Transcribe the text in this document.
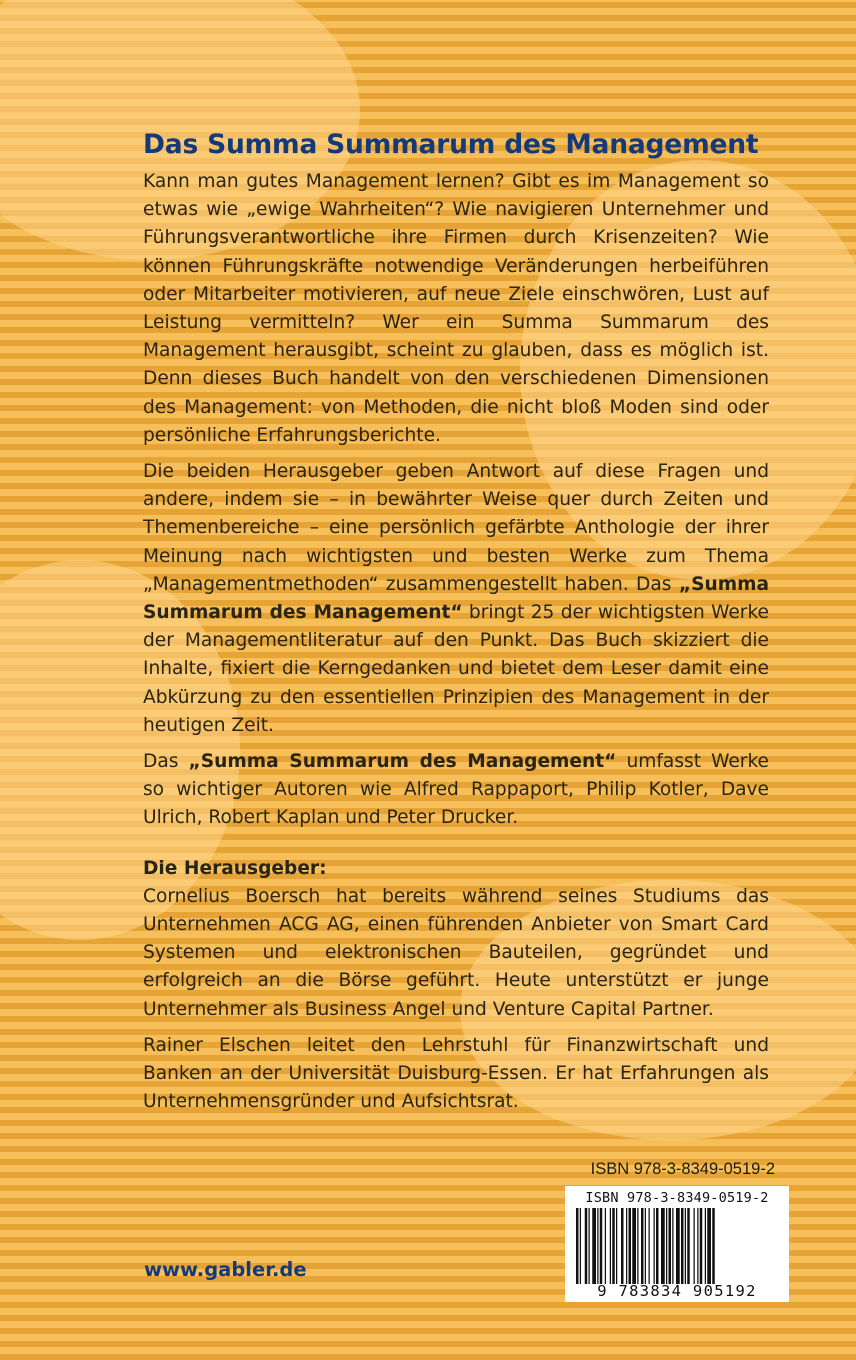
Das Summa Summarum des Management

Kann man gutes Management lernen? Gibt es im Management so etwas wie „ewige Wahrheiten“? Wie navigieren Unternehmer und Führungsverantwortliche ihre Firmen durch Krisenzeiten? Wie können Führungskräfte notwendige Veränderungen herbeiführen oder Mitarbeiter motivieren, auf neue Ziele einschwören, Lust auf Leistung vermitteln? Wer ein Summa Summarum des Management herausgibt, scheint zu glauben, dass es möglich ist. Denn dieses Buch handelt von den verschiedenen Dimensionen des Management: von Methoden, die nicht bloß Moden sind oder persönliche Erfahrungsberichte.

Die beiden Herausgeber geben Antwort auf diese Fragen und andere, indem sie – in bewährter Weise quer durch Zeiten und Themenbereiche – eine persönlich gefärbte Anthologie der ihrer Meinung nach wichtigsten und besten Werke zum Thema „Managementmethoden“ zusammengestellt haben. Das „Summa Summarum des Management“ bringt 25 der wichtigsten Werke der Managementliteratur auf den Punkt. Das Buch skizziert die Inhalte, fixiert die Kerngedanken und bietet dem Leser damit eine Abkürzung zu den essentiellen Prinzipien des Management in der heutigen Zeit.

Das „Summa Summarum des Management“ umfasst Werke so wichtiger Autoren wie Alfred Rappaport, Philip Kotler, Dave Ulrich, Robert Kaplan und Peter Drucker.

Die Herausgeber:

Cornelius Boersch hat bereits während seines Studiums das Unternehmen ACG AG, einen führenden Anbieter von Smart Card Systemen und elektronischen Bauteilen, gegründet und erfolgreich an die Börse geführt. Heute unterstützt er junge Unternehmer als Business Angel und Venture Capital Partner.

Rainer Elschen leitet den Lehrstuhl für Finanzwirtschaft und Banken an der Universität Duisburg-Essen. Er hat Erfahrungen als Unternehmensgründer und Aufsichtsrat.

ISBN 978-3-8349-0519-2
ISBN 978-3-8349-0519-2
9 783834 905192
www.gabler.de
